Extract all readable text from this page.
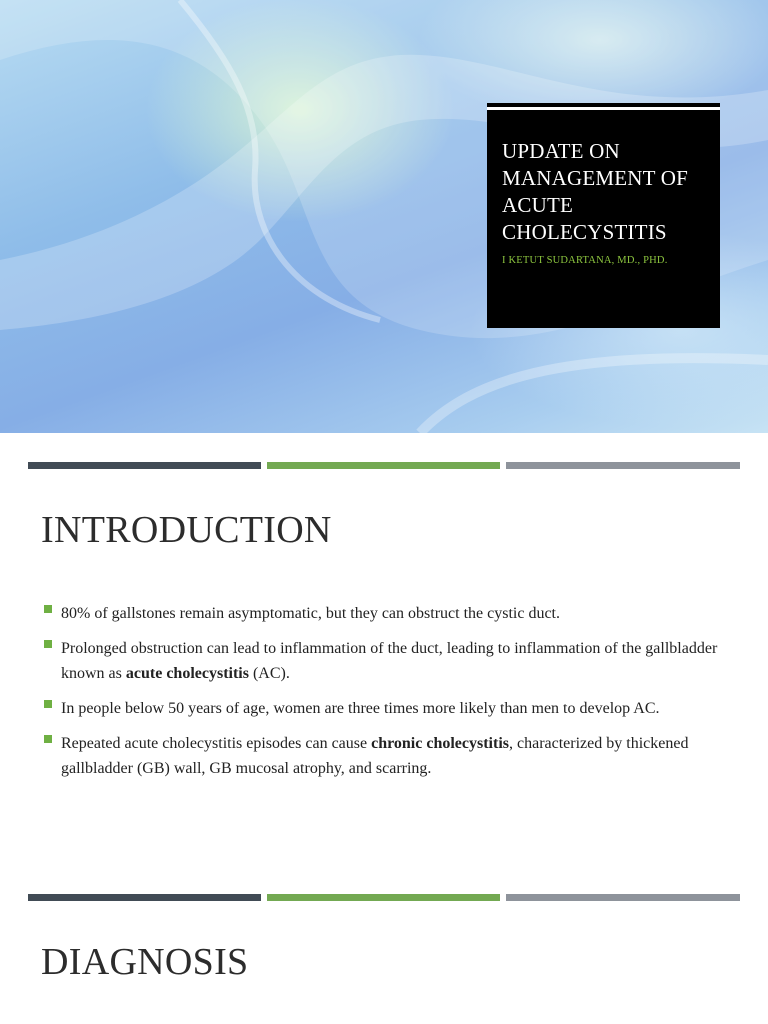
UPDATE ON MANAGEMENT OF ACUTE CHOLECYSTITIS

I KETUT SUDARTANA, MD., PHD.

INTRODUCTION
80% of gallstones remain asymptomatic, but they can obstruct the cystic duct.
Prolonged obstruction can lead to inflammation of the duct, leading to inflammation of the gallbladder known as acute cholecystitis (AC).
In people below 50 years of age, women are three times more likely than men to develop AC.
Repeated acute cholecystitis episodes can cause chronic cholecystitis, characterized by thickened gallbladder (GB) wall, GB mucosal atrophy, and scarring.
DIAGNOSIS
